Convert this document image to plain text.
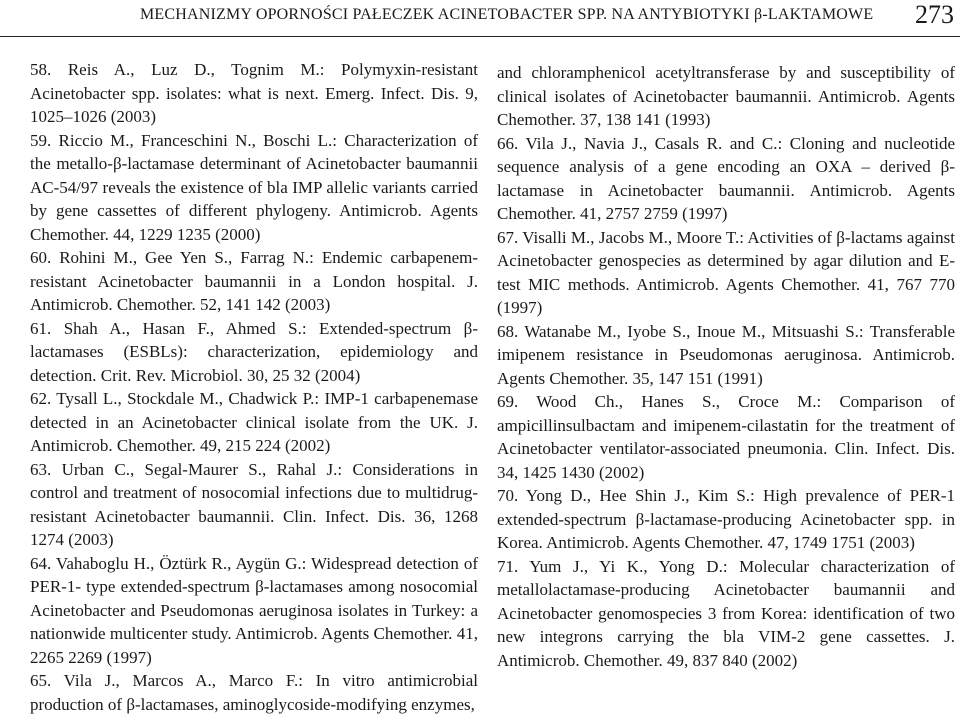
MECHANIZMY OPORNOŚCI PAŁECZEK ACINETOBACTER SPP. NA ANTYBIOTYKI β-LAKTAMOWE 273
58. Reis A., Luz D., Tognim M.: Polymyxin-resistant Acinetobacter spp. isolates: what is next. Emerg. Infect. Dis. 9, 1025–1026 (2003)
59. Riccio M., Franceschini N., Boschi L.: Characterization of the metallo-β-lactamase determinant of Acinetobacter baumannii AC-54/97 reveals the existence of bla IMP allelic variants carried by gene cassettes of different phylogeny. Antimicrob. Agents Chemother. 44, 1229 1235 (2000)
60. Rohini M., Gee Yen S., Farrag N.: Endemic carbapenem-resistant Acinetobacter baumannii in a London hospital. J. Antimicrob. Chemother. 52, 141 142 (2003)
61. Shah A., Hasan F., Ahmed S.: Extended-spectrum β-lactamases (ESBLs): characterization, epidemiology and detection. Crit. Rev. Microbiol. 30, 25 32 (2004)
62. Tysall L., Stockdale M., Chadwick P.: IMP-1 carbapenemase detected in an Acinetobacter clinical isolate from the UK. J. Antimicrob. Chemother. 49, 215 224 (2002)
63. Urban C., Segal-Maurer S., Rahal J.: Considerations in control and treatment of nosocomial infections due to multidrug-resistant Acinetobacter baumannii. Clin. Infect. Dis. 36, 1268 1274 (2003)
64. Vahaboglu H., Öztürk R., Aygün G.: Widespread detection of PER-1- type extended-spectrum β-lactamases among nosocomial Acinetobacter and Pseudomonas aeruginosa isolates in Turkey: a nationwide multicenter study. Antimicrob. Agents Chemother. 41, 2265 2269 (1997)
65. Vila J., Marcos A., Marco F.: In vitro antimicrobial production of β-lactamases, aminoglycoside-modifying enzymes,
and chloramphenicol acetyltransferase by and susceptibility of clinical isolates of Acinetobacter baumannii. Antimicrob. Agents Chemother. 37, 138 141 (1993)
66. Vila J., Navia J., Casals R. and C.: Cloning and nucleotide sequence analysis of a gene encoding an OXA – derived β-lactamase in Acinetobacter baumannii. Antimicrob. Agents Chemother. 41, 2757 2759 (1997)
67. Visalli M., Jacobs M., Moore T.: Activities of β-lactams against Acinetobacter genospecies as determined by agar dilution and E-test MIC methods. Antimicrob. Agents Chemother. 41, 767 770 (1997)
68. Watanabe M., Iyobe S., Inoue M., Mitsuashi S.: Transferable imipenem resistance in Pseudomonas aeruginosa. Antimicrob. Agents Chemother. 35, 147 151 (1991)
69. Wood Ch., Hanes S., Croce M.: Comparison of ampicillinsulbactam and imipenem-cilastatin for the treatment of Acinetobacter ventilator-associated pneumonia. Clin. Infect. Dis. 34, 1425 1430 (2002)
70. Yong D., Hee Shin J., Kim S.: High prevalence of PER-1 extended-spectrum β-lactamase-producing Acinetobacter spp. in Korea. Antimicrob. Agents Chemother. 47, 1749 1751 (2003)
71. Yum J., Yi K., Yong D.: Molecular characterization of metallolactamase-producing Acinetobacter baumannii and Acinetobacter genomospecies 3 from Korea: identification of two new integrons carrying the bla VIM-2 gene cassettes. J. Antimicrob. Chemother. 49, 837 840 (2002)
